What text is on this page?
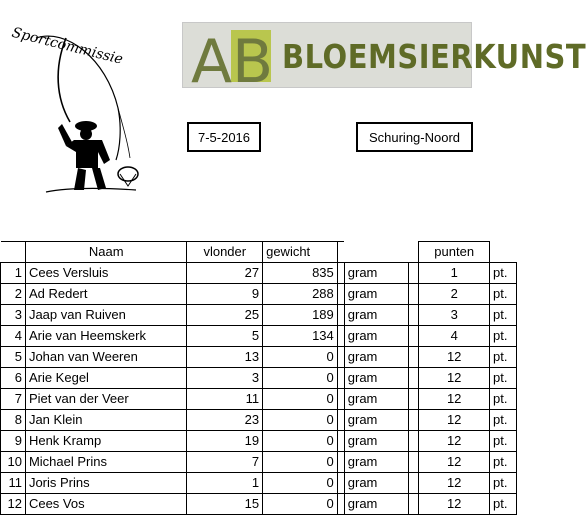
Sportcommissie AB BLOEMSIERKUNST
7-5-2016	Schuring-Noord
	Naam	vlonder	gewicht				punten	
1	Cees Versluis	27	835		gram		1	pt.
2	Ad Redert	9	288		gram		2	pt.
3	Jaap van Ruiven	25	189		gram		3	pt.
4	Arie van Heemskerk	5	134		gram		4	pt.
5	Johan van Weeren	13	0		gram		12	pt.
6	Arie Kegel	3	0		gram		12	pt.
7	Piet van der Veer	11	0		gram		12	pt.
8	Jan Klein	23	0		gram		12	pt.
9	Henk Kramp	19	0		gram		12	pt.
10	Michael Prins	7	0		gram		12	pt.
11	Joris Prins	1	0		gram		12	pt.
12	Cees Vos	15	0		gram		12	pt.
